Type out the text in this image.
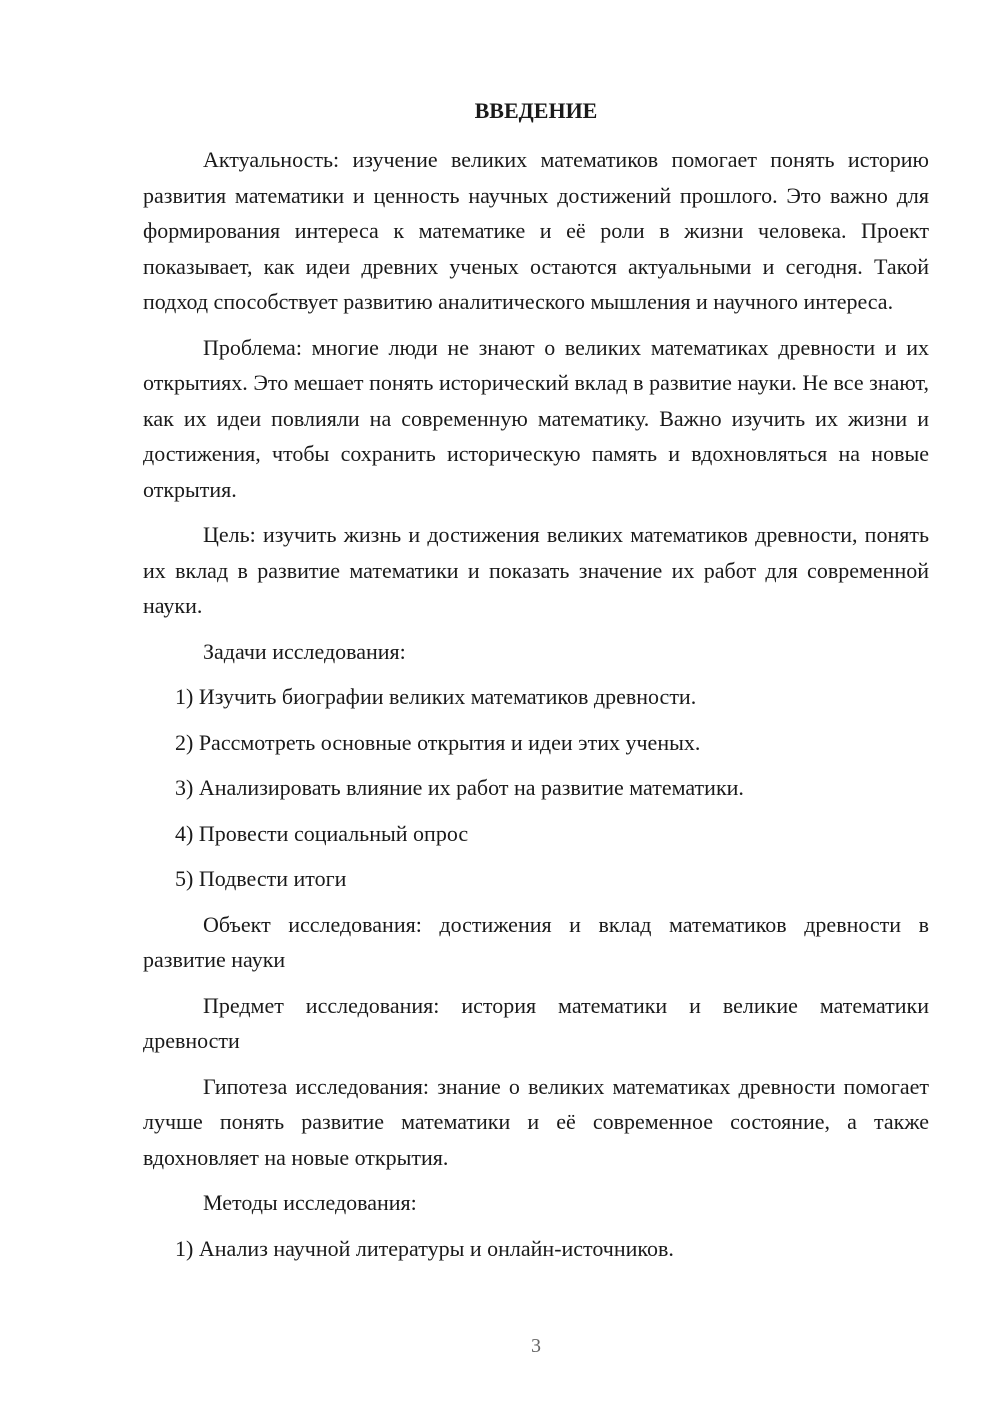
ВВЕДЕНИЕ

Актуальность: изучение великих математиков помогает понять историю развития математики и ценность научных достижений прошлого. Это важно для формирования интереса к математике и её роли в жизни человека. Проект показывает, как идеи древних ученых остаются актуальными и сегодня. Такой подход способствует развитию аналитического мышления и научного интереса.

Проблема: многие люди не знают о великих математиках древности и их открытиях. Это мешает понять исторический вклад в развитие науки. Не все знают, как их идеи повлияли на современную математику. Важно изучить их жизни и достижения, чтобы сохранить историческую память и вдохновляться на новые открытия.

Цель: изучить жизнь и достижения великих математиков древности, понять их вклад в развитие математики и показать значение их работ для современной науки.

Задачи исследования:

1) Изучить биографии великих математиков древности.

2) Рассмотреть основные открытия и идеи этих ученых.

3) Анализировать влияние их работ на развитие математики.

4) Провести социальный опрос

5) Подвести итоги

Объект исследования: достижения и вклад математиков древности в развитие науки

Предмет исследования: история математики и великие математики древности

Гипотеза исследования: знание о великих математиках древности помогает лучше понять развитие математики и её современное состояние, а также вдохновляет на новые открытия.

Методы исследования:

1) Анализ научной литературы и онлайн-источников.

3
